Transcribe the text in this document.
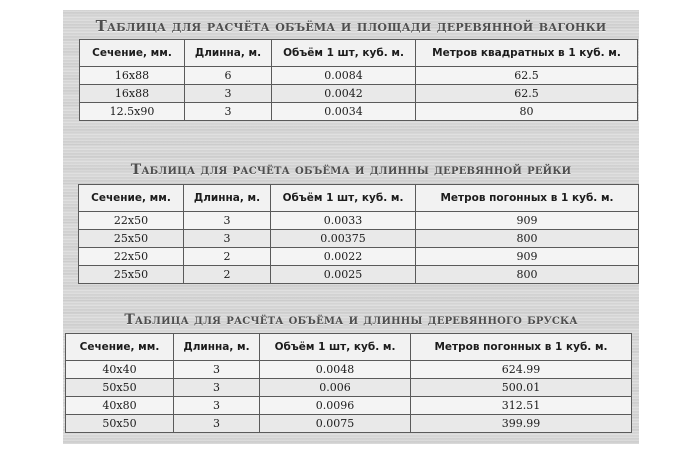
Таблица для расчёта объёма и площади деревянной вагонки
Сечение, мм.	Длинна, м.	Объём 1 шт, куб. м.	Метров квадратных в 1 куб. м.
16x88	6	0.0084	62.5
16x88	3	0.0042	62.5
12.5x90	3	0.0034	80
Таблица для расчёта объёма и длинны деревянной рейки
Сечение, мм.	Длинна, м.	Объём 1 шт, куб. м.	Метров погонных в 1 куб. м.
22x50	3	0.0033	909
25x50	3	0.00375	800
22x50	2	0.0022	909
25x50	2	0.0025	800
Таблица для расчёта объёма и длинны деревянного бруска
Сечение, мм.	Длинна, м.	Объём 1 шт, куб. м.	Метров погонных в 1 куб. м.
40x40	3	0.0048	624.99
50x50	3	0.006	500.01
40x80	3	0.0096	312.51
50x50	3	0.0075	399.99
